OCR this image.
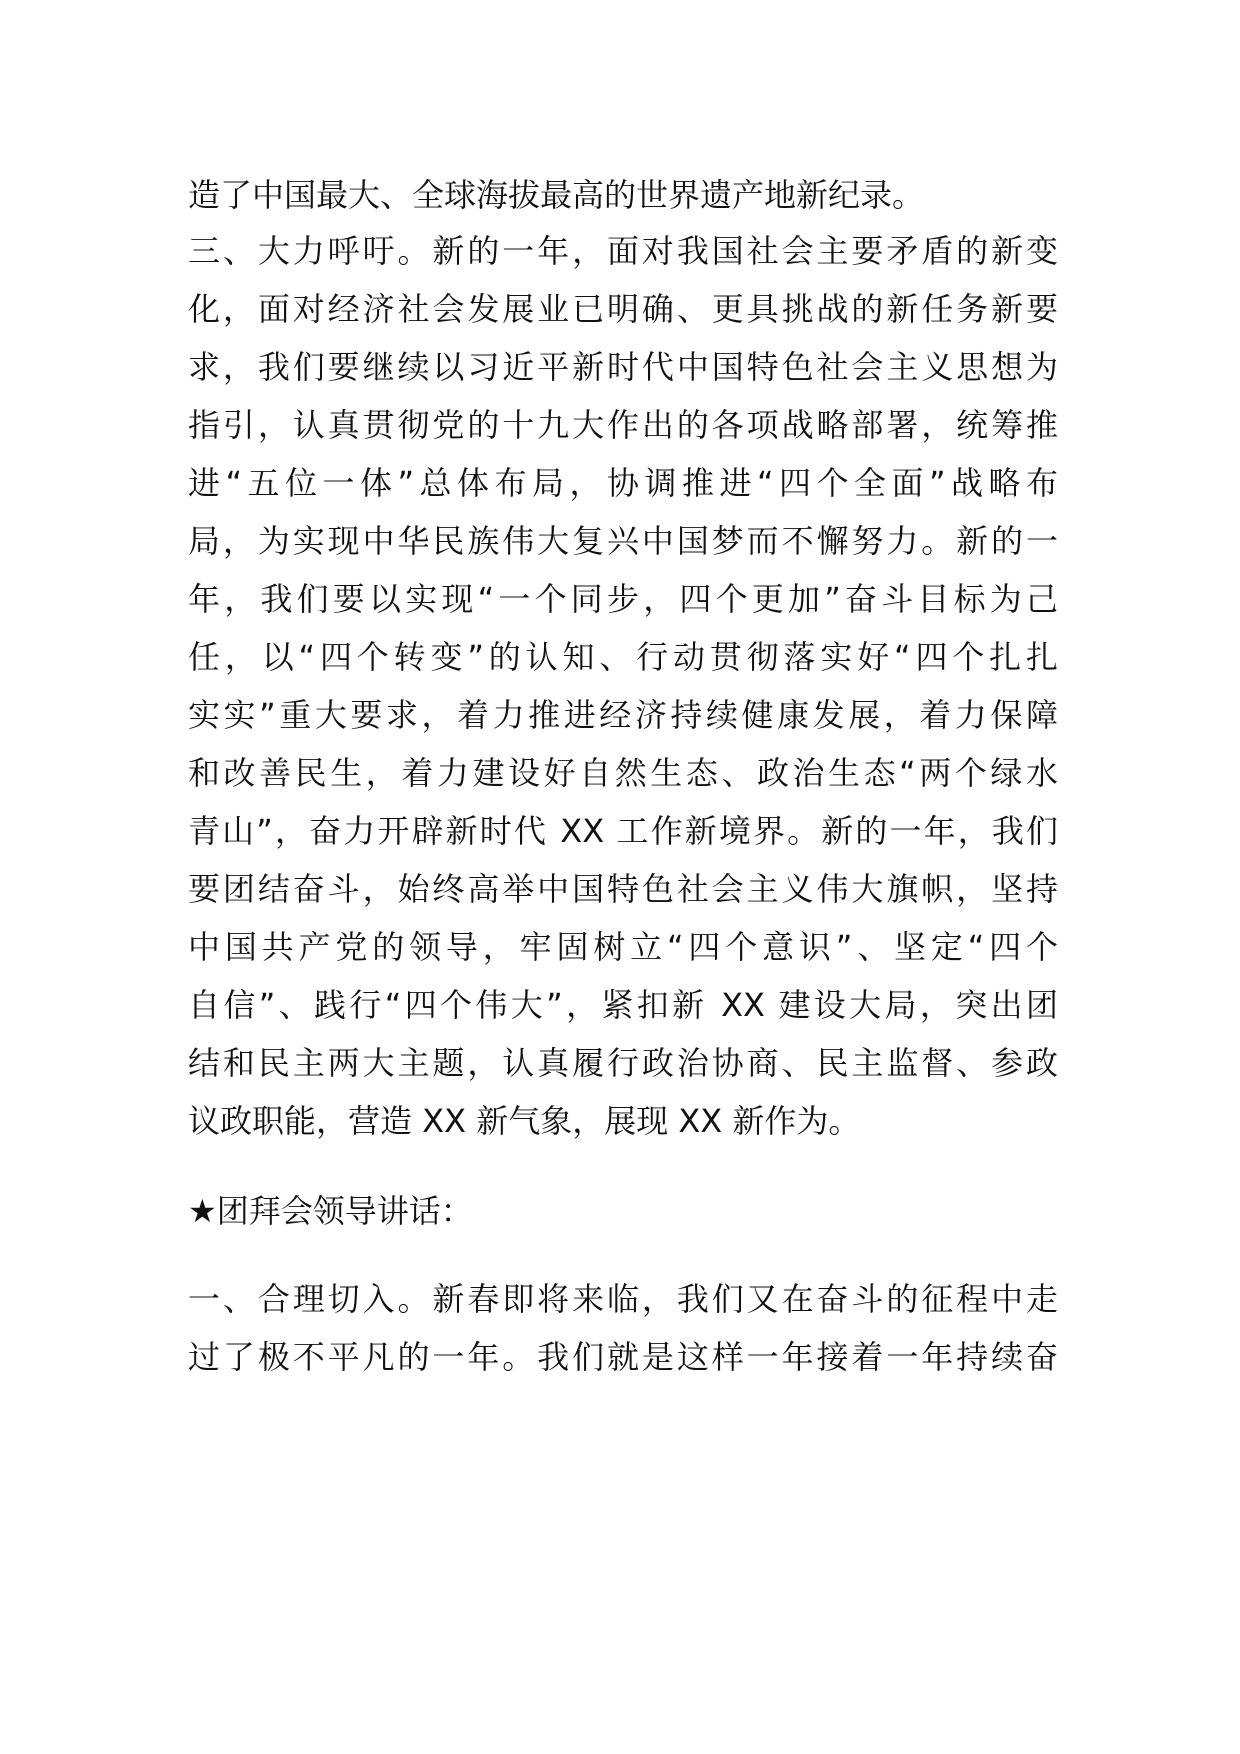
造了中国最大、全球海拔最高的世界遗产地新纪录。
三、大力呼吁。新的一年，面对我国社会主要矛盾的新变
化，面对经济社会发展业已明确、更具挑战的新任务新要
求，我们要继续以习近平新时代中国特色社会主义思想为
指引，认真贯彻党的十九大作出的各项战略部署，统筹推
进“五位一体”总体布局，协调推进“四个全面”战略布
局，为实现中华民族伟大复兴中国梦而不懈努力。新的一
年，我们要以实现“一个同步，四个更加”奋斗目标为己
任，以“四个转变”的认知、行动贯彻落实好“四个扎扎
实实”重大要求，着力推进经济持续健康发展，着力保障
和改善民生，着力建设好自然生态、政治生态“两个绿水
青山”，奋力开辟新时代 XX 工作新境界。新的一年，我们
要团结奋斗，始终高举中国特色社会主义伟大旗帜，坚持
中国共产党的领导，牢固树立“四个意识”、坚定“四个
自信”、践行“四个伟大”，紧扣新 XX 建设大局，突出团
结和民主两大主题，认真履行政治协商、民主监督、参政
议政职能，营造 XX 新气象，展现 XX 新作为。
★团拜会领导讲话：
一、合理切入。新春即将来临，我们又在奋斗的征程中走
过了极不平凡的一年。我们就是这样一年接着一年持续奋
